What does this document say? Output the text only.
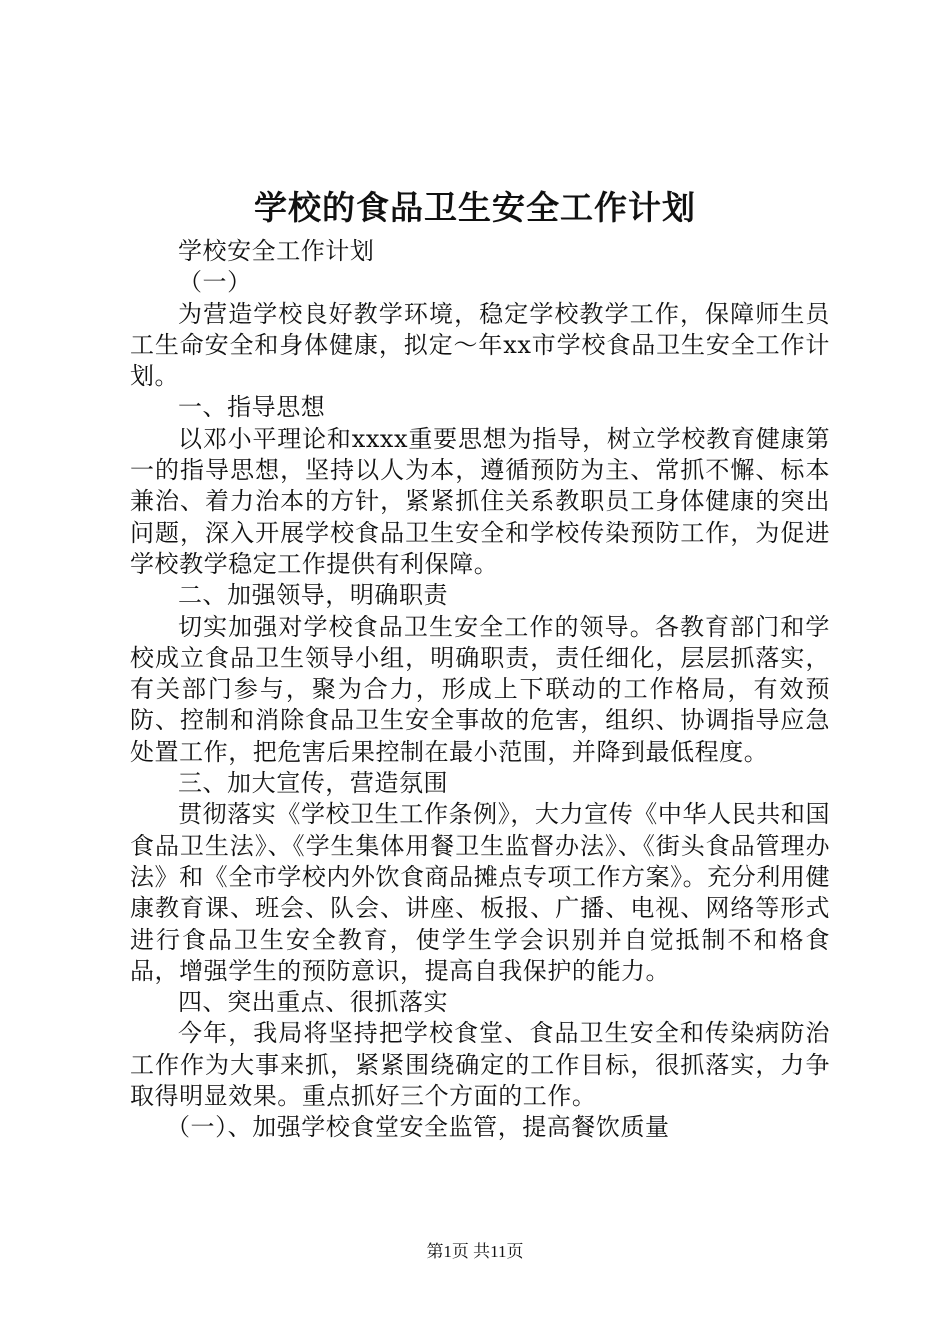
学校的食品卫生安全工作计划

学校安全工作计划

（一）

为营造学校良好教学环境，稳定学校教学工作，保障师生员工生命安全和身体健康，拟定～年xx市学校食品卫生安全工作计划。

一、指导思想

以邓小平理论和xxxx重要思想为指导，树立学校教育健康第一的指导思想，坚持以人为本，遵循预防为主、常抓不懈、标本兼治、着力治本的方针，紧紧抓住关系教职员工身体健康的突出问题，深入开展学校食品卫生安全和学校传染预防工作，为促进学校教学稳定工作提供有利保障。

二、加强领导，明确职责

切实加强对学校食品卫生安全工作的领导。各教育部门和学校成立食品卫生领导小组，明确职责，责任细化，层层抓落实，有关部门参与，聚为合力，形成上下联动的工作格局，有效预防、控制和消除食品卫生安全事故的危害，组织、协调指导应急处置工作，把危害后果控制在最小范围，并降到最低程度。

三、加大宣传，营造氛围

贯彻落实《学校卫生工作条例》，大力宣传《中华人民共和国食品卫生法》、《学生集体用餐卫生监督办法》、《街头食品管理办法》和《全市学校内外饮食商品摊点专项工作方案》。充分利用健康教育课、班会、队会、讲座、板报、广播、电视、网络等形式进行食品卫生安全教育，使学生学会识别并自觉抵制不和格食品，增强学生的预防意识，提高自我保护的能力。

四、突出重点、很抓落实

今年，我局将坚持把学校食堂、食品卫生安全和传染病防治工作作为大事来抓，紧紧围绕确定的工作目标，很抓落实，力争取得明显效果。重点抓好三个方面的工作。

（一）、加强学校食堂安全监管，提高餐饮质量

第1页 共11页
